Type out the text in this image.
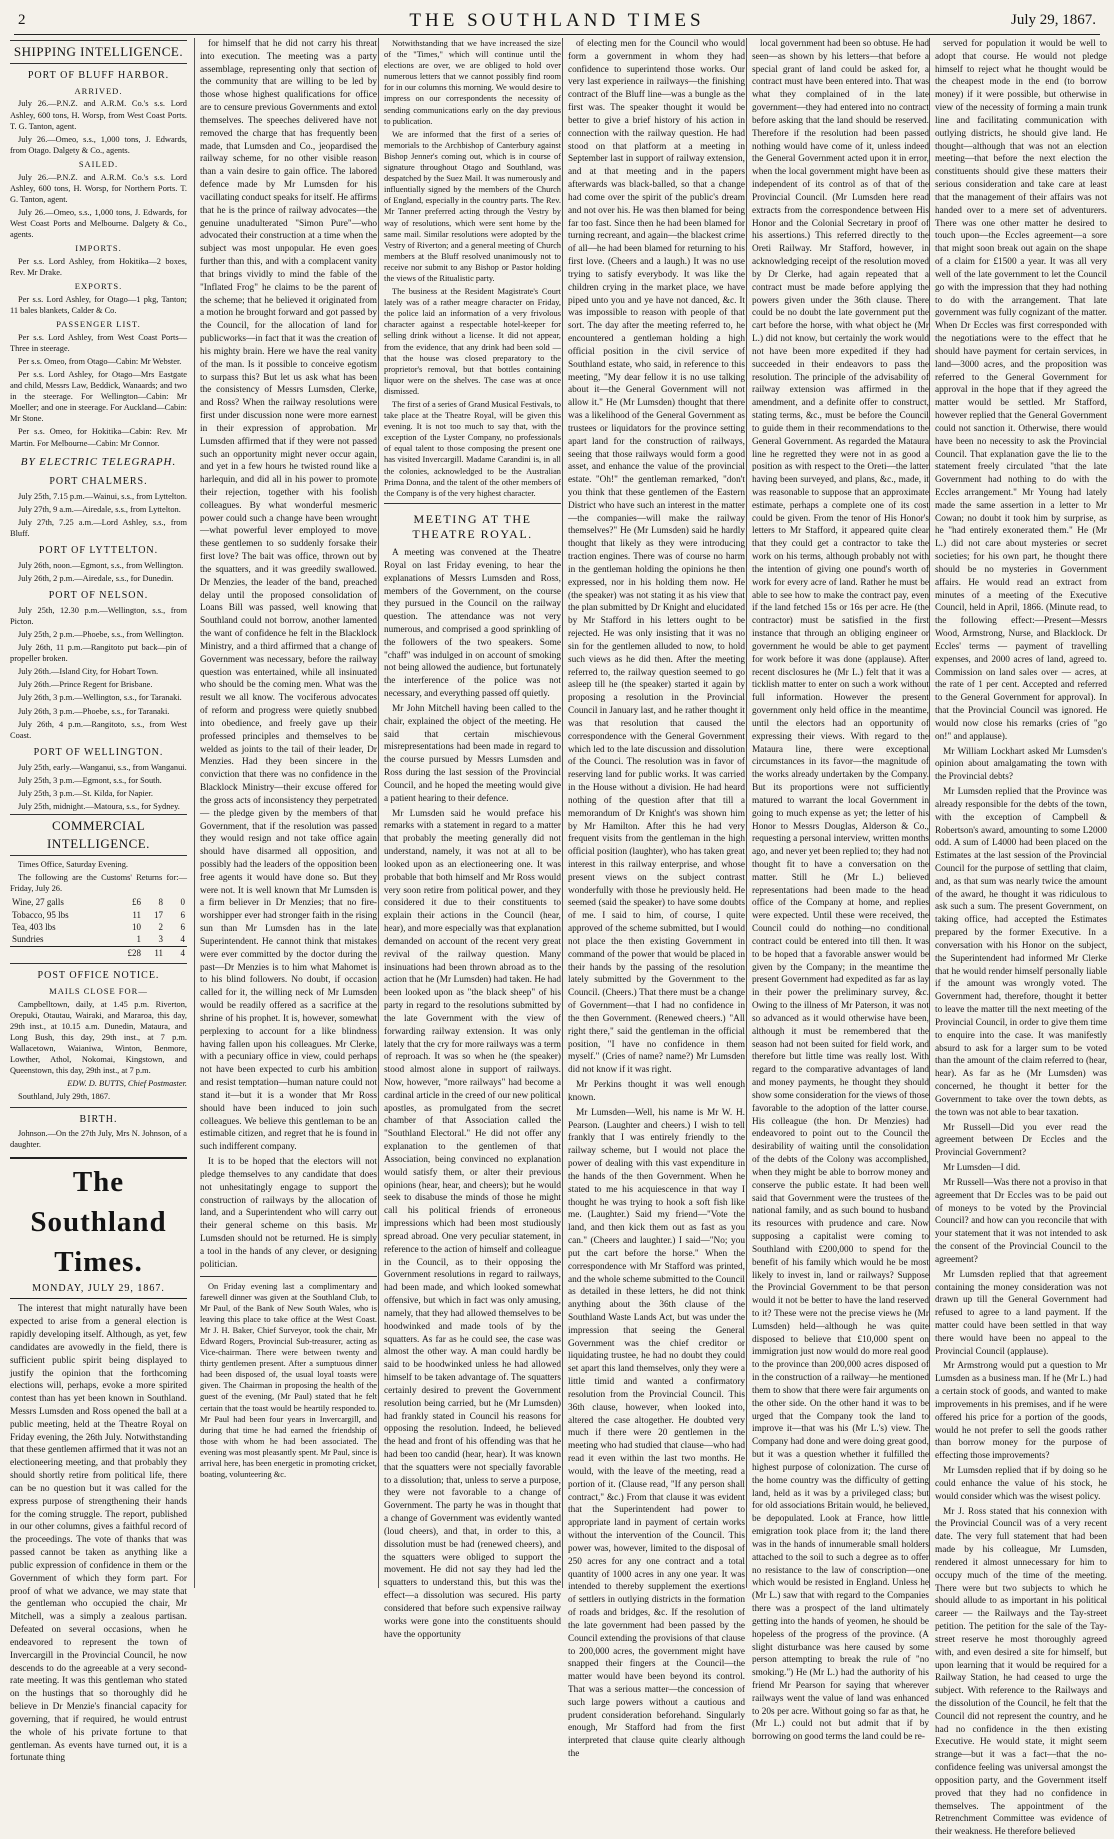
2	THE SOUTHLAND TIMES	July 29, 1867.
SHIPPING INTELLIGENCE.
PORT OF BLUFF HARBOR.
ARRIVED.

July 26.—P.N.Z. and A.R.M. Co.'s s.s. Lord Ashley, 600 tons, H. Worsp, from West Coast Ports. T. G. Tanton, agent.

July 26.—Omeo, s.s., 1,000 tons, J. Edwards, from Otago. Dalgety & Co., agents.

SAILED.

July 26.—P.N.Z. and A.R.M. Co.'s s.s. Lord Ashley, 600 tons, H. Worsp, for Northern Ports. T. G. Tanton, agent.

July 26.—Omeo, s.s., 1,000 tons, J. Edwards, for West Coast Ports and Melbourne. Dalgety & Co., agents.

IMPORTS.

Per s.s. Lord Ashley, from Hokitika—2 boxes, Rev. Mr Drake.

EXPORTS.

Per s.s. Lord Ashley, for Otago—1 pkg, Tanton; 11 bales blankets, Calder & Co.

PASSENGER LIST.

Per s.s. Lord Ashley, from West Coast Ports—Three in steerage.

Per s.s. Omeo, from Otago—Cabin: Mr Webster.

Per s.s. Lord Ashley, for Otago—Mrs Eastgate and child, Messrs Law, Beddick, Wanaards; and two in the steerage. For Wellington—Cabin: Mr Moeller; and one in steerage. For Auckland—Cabin: Mr Stone.

Per s.s. Omeo, for Hokitika—Cabin: Rev. Mr Martin. For Melbourne—Cabin: Mr Connor.

BY ELECTRIC TELEGRAPH.
PORT CHALMERS.

July 25th, 7.15 p.m.—Wainui, s.s., from Lyttelton.

July 27th, 9 a.m.—Airedale, s.s., from Lyttelton.

July 27th, 7.25 a.m.—Lord Ashley, s.s., from Bluff.

PORT OF LYTTELTON.

July 26th, noon.—Egmont, s.s., from Wellington.

July 26th, 2 p.m.—Airedale, s.s., for Dunedin.

PORT OF NELSON.

July 25th, 12.30 p.m.—Wellington, s.s., from Picton.

July 25th, 2 p.m.—Phoebe, s.s., from Wellington.

July 26th, 11 p.m.—Rangitoto put back—pin of propeller broken.

July 26th.—Island City, for Hobart Town.

July 26th.—Prince Regent for Brisbane.

July 26th, 3 p.m.—Wellington, s.s., for Taranaki.

July 26th, 3 p.m.—Phoebe, s.s., for Taranaki.

July 26th, 4 p.m.—Rangitoto, s.s., from West Coast.

PORT OF WELLINGTON.

July 25th, early.—Wanganui, s.s., from Wanganui.

July 25th, 3 p.m.—Egmont, s.s., for South.

July 25th, 3 p.m.—St. Kilda, for Napier.

July 25th, midnight.—Matoura, s.s., for Sydney.

COMMERCIAL INTELLIGENCE.

Times Office, Saturday Evening.

The following are the Customs' Returns for:—Friday, July 26.

Wine, 27 galls	£6	8	0
Tobacco, 95 lbs	11	17	6
Tea, 403 lbs	10	2	6
Sundries	1	3	4
	£28	11	4
POST OFFICE NOTICE.
MAILS CLOSE FOR—

Campbelltown, daily, at 1.45 p.m. Riverton, Orepuki, Otautau, Wairaki, and Mararoa, this day, 29th inst., at 10.15 a.m. Dunedin, Mataura, and Long Bush, this day, 29th inst., at 7 p.m. Wallacetown, Waianiwa, Winton, Benmore, Lowther, Athol, Nokomai, Kingstown, and Queenstown, this day, 29th inst., at 7 p.m.

EDW. D. BUTTS, Chief Postmaster.

Southland, July 29th, 1867.

BIRTH.

Johnson.—On the 27th July, Mrs N. Johnson, of a daughter.

The Southland Times.
MONDAY, JULY 29, 1867.

The interest that might naturally have been expected to arise from a general election is rapidly developing itself. Although, as yet, few candidates are avowedly in the field, there is sufficient public spirit being displayed to justify the opinion that the forthcoming elections will, perhaps, evoke a more spirited contest than has yet been known in Southland. Messrs Lumsden and Ross opened the ball at a public meeting, held at the Theatre Royal on Friday evening, the 26th July. Notwithstanding that these gentlemen affirmed that it was not an electioneering meeting, and that probably they should shortly retire from political life, there can be no question but it was called for the express purpose of strengthening their hands for the coming struggle. The report, published in our other columns, gives a faithful record of the proceedings. The vote of thanks that was passed cannot be taken as anything like a public expression of confidence in them or the Government of which they form part. For proof of what we advance, we may state that the gentleman who occupied the chair, Mr Mitchell, was a simply a zealous partisan. Defeated on several occasions, when he endeavored to represent the town of Invercargill in the Provincial Council, he now descends to do the agreeable at a very second-rate meeting. It was this gentleman who stated on the hustings that so thoroughly did he believe in Dr Menzie's financial capacity for governing, that if required, he would entrust the whole of his private fortune to that gentleman. As events have turned out, it is a fortunate thing

for himself that he did not carry his threat into execution. The meeting was a party assemblage, representing only that section of the community that are willing to be led by those whose highest qualifications for office are to censure previous Governments and extol themselves. The speeches delivered have not removed the charge that has frequently been made, that Lumsden and Co., jeopardised the railway scheme, for no other visible reason than a vain desire to gain office. The labored defence made by Mr Lumsden for his vacillating conduct speaks for itself. He affirms that he is the prince of railway advocates—the genuine unadulterated "Simon Pure"—who advocated their construction at a time when the subject was most unpopular. He even goes further than this, and with a complacent vanity that brings vividly to mind the fable of the "Inflated Frog" he claims to be the parent of the scheme; that he believed it originated from a motion he brought forward and got passed by the Council, for the allocation of land for publicworks—in fact that it was the creation of his mighty brain. Here we have the real vanity of the man. Is it possible to conceive egotism to surpass this? But let us ask what has been the consistency of Messrs Lumsden, Clerke, and Ross? When the railway resolutions were first under discussion none were more earnest in their expression of approbation. Mr Lumsden affirmed that if they were not passed such an opportunity might never occur again, and yet in a few hours he twisted round like a harlequin, and did all in his power to promote their rejection, together with his foolish colleagues. By what wonderful mesmeric power could such a change have been wrought—what powerful lever employed to move these gentlemen to so suddenly forsake their first love? The bait was office, thrown out by the squatters, and it was greedily swallowed. Dr Menzies, the leader of the band, preached delay until the proposed consolidation of Loans Bill was passed, well knowing that Southland could not borrow, another lamented the want of confidence he felt in the Blacklock Ministry, and a third affirmed that a change of Government was necessary, before the railway question was entertained, while all insinuated who should be the coming men. What was the result we all know. The vociferous advocates of reform and progress were quietly snubbed into obedience, and freely gave up their professed principles and themselves to be welded as joints to the tail of their leader, Dr Menzies. Had they been sincere in the conviction that there was no confidence in the Blacklock Ministry—their excuse offered for the gross acts of inconsistency they perpetrated — the pledge given by the members of that Government, that if the resolution was passed they would resign and not take office again should have disarmed all opposition, and possibly had the leaders of the opposition been free agents it would have done so. But they were not. It is well known that Mr Lumsden is a firm believer in Dr Menzies; that no fire-worshipper ever had stronger faith in the rising sun than Mr Lumsden has in the late Superintendent. He cannot think that mistakes were ever committed by the doctor during the past—Dr Menzies is to him what Mahomet is to his blind followers. No doubt, if occasion called for it, the willing neck of Mr Lumsden would be readily offered as a sacrifice at the shrine of his prophet. It is, however, somewhat perplexing to account for a like blindness having fallen upon his colleagues. Mr Clerke, with a pecuniary office in view, could perhaps not have been expected to curb his ambition and resist temptation—human nature could not stand it—but it is a wonder that Mr Ross should have been induced to join such colleagues. We believe this gentleman to be an estimable citizen, and regret that he is found in such indifferent company.

It is to be hoped that the electors will not pledge themselves to any candidate that does not unhesitatingly engage to support the construction of railways by the allocation of land, and a Superintendent who will carry out their general scheme on this basis. Mr Lumsden should not be returned. He is simply a tool in the hands of any clever, or designing politician.

On Friday evening last a complimentary and farewell dinner was given at the Southland Club, to Mr Paul, of the Bank of New South Wales, who is leaving this place to take office at the West Coast. Mr J. H. Baker, Chief Surveyor, took the chair, Mr Edward Rogers, Provincial Sub-treasurer, acting as Vice-chairman. There were between twenty and thirty gentlemen present. After a sumptuous dinner had been disposed of, the usual loyal toasts were given. The Chairman in proposing the health of the guest of the evening, (Mr Paul) stated that he felt certain that the toast would be heartily responded to. Mr Paul had been four years in Invercargill, and during that time he had earned the friendship of those with whom he had been associated. The evening was most pleasantly spent. Mr Paul, since is arrival here, has been energetic in promoting cricket, boating, volunteering &c.

Notwithstanding that we have increased the size of the "Times," which will continue until the elections are over, we are obliged to hold over numerous letters that we cannot possibly find room for in our columns this morning. We would desire to impress on our correspondents the necessity of sending communications early on the day previous to publication.

We are informed that the first of a series of memorials to the Archbishop of Canterbury against Bishop Jenner's coming out, which is in course of signature throughout Otago and Southland, was despatched by the Suez Mail. It was numerously and influentially signed by the members of the Church of England, especially in the country parts. The Rev. Mr Tanner preferred acting through the Vestry by way of resolutions, which were sent home by the same mail. Similar resolutions were adopted by the Vestry of Riverton; and a general meeting of Church members at the Bluff resolved unanimously not to receive nor submit to any Bishop or Pastor holding the views of the Ritualistic party.

The business at the Resident Magistrate's Court lately was of a rather meagre character on Friday, the police laid an information of a very frivolous character against a respectable hotel-keeper for selling drink without a license. It did not appear, from the evidence, that any drink had been sold — that the house was closed preparatory to the proprietor's removal, but that bottles containing liquor were on the shelves. The case was at once dismissed.

The first of a series of Grand Musical Festivals, to take place at the Theatre Royal, will be given this evening. It is not too much to say that, with the exception of the Lyster Company, no professionals of equal talent to those composing the present one has visited Invercargill. Madame Carandini is, in all the colonies, acknowledged to be the Australian Prima Donna, and the talent of the other members of the Company is of the very highest character.

MEETING AT THE THEATRE ROYAL.

A meeting was convened at the Theatre Royal on last Friday evening, to hear the explanations of Messrs Lumsden and Ross, members of the Government, on the course they pursued in the Council on the railway question. The attendance was not very numerous, and comprised a good sprinkling of the followers of the two speakers. Some "chaff" was indulged in on account of smoking not being allowed the audience, but fortunately the interference of the police was not necessary, and everything passed off quietly.

Mr John Mitchell having been called to the chair, explained the object of the meeting. He said that certain mischievous misrepresentations had been made in regard to the course pursued by Messrs Lumsden and Ross during the last session of the Provincial Council, and he hoped the meeting would give a patient hearing to their defence.

Mr Lumsden said he would preface his remarks with a statement in regard to a matter that probably the meeting generally did not understand, namely, it was not at all to be looked upon as an electioneering one. It was probable that both himself and Mr Ross would very soon retire from political power, and they considered it due to their constituents to explain their actions in the Council (hear, hear), and more especially was that explanation demanded on account of the recent very great revival of the railway question. Many insinuations had been thrown abroad as to the action that he (Mr Lumsden) had taken. He had been looked upon as "the black sheep" of his party in regard to the resolutions submitted by the late Government with the view of forwarding railway extension. It was only lately that the cry for more railways was a term of reproach. It was so when he (the speaker) stood almost alone in support of railways. Now, however, "more railways" had become a cardinal article in the creed of our new political apostles, as promulgated from the secret chamber of that Association called the "Southland Electoral." He did not offer any explanation to the gentlemen of that Association, being convinced no explanation would satisfy them, or alter their previous opinions (hear, hear, and cheers); but he would seek to disabuse the minds of those he might call his political friends of erroneous impressions which had been most studiously spread abroad. One very peculiar statement, in reference to the action of himself and colleague in the Council, as to their opposing the Government resolutions in regard to railways, had been made, and which looked somewhat offensive, but which in fact was only amusing, namely, that they had allowed themselves to be hoodwinked and made tools of by the squatters. As far as he could see, the case was almost the other way. A man could hardly be said to be hoodwinked unless he had allowed himself to be taken advantage of. The squatters certainly desired to prevent the Government resolution being carried, but he (Mr Lumsden) had frankly stated in Council his reasons for opposing the resolution. Indeed, he believed the head and front of his offending was that he had been too candid (hear, hear). It was known that the squatters were not specially favorable to a dissolution; that, unless to serve a purpose, they were not favorable to a change of Government. The party he was in thought that a change of Government was evidently wanted (loud cheers), and that, in order to this, a dissolution must be had (renewed cheers), and the squatters were obliged to support the movement. He did not say they had led the squatters to understand this, but this was the effect—a dissolution was secured. His party considered that before such expensive railway works were gone into the constituents should have the opportunity

of electing men for the Council who would form a government in whom they had confidence to superintend those works. Our very last experience in railways—the finishing contract of the Bluff line—was a bungle as the first was. The speaker thought it would be better to give a brief history of his action in connection with the railway question. He had stood on that platform at a meeting in September last in support of railway extension, and at that meeting and in the papers afterwards was black-balled, so that a change had come over the spirit of the public's dream and not over his. He was then blamed for being far too fast. Since then he had been blamed for turning recreant, and again—the blackest crime of all—he had been blamed for returning to his first love. (Cheers and a laugh.) It was no use trying to satisfy everybody. It was like the children crying in the market place, we have piped unto you and ye have not danced, &c. It was impossible to reason with people of that sort. The day after the meeting referred to, he encountered a gentleman holding a high official position in the civil service of Southland estate, who said, in reference to this meeting, "My dear fellow it is no use talking about it—the General Government will not allow it." He (Mr Lumsden) thought that there was a likelihood of the General Government as trustees or liquidators for the province setting apart land for the construction of railways, seeing that those railways would form a good asset, and enhance the value of the provincial estate. "Oh!" the gentleman remarked, "don't you think that these gentlemen of the Eastern District who have such an interest in the matter—the companies—will make the railway themselves?" He (Mr Lumsden) said he hardly thought that likely as they were introducing traction engines. There was of course no harm in the gentleman holding the opinions he then expressed, nor in his holding them now. He (the speaker) was not stating it as his view that the plan submitted by Dr Knight and elucidated by Mr Stafford in his letters ought to be rejected. He was only insisting that it was no sin for the gentlemen alluded to now, to hold such views as he did then. After the meeting referred to, the railway question seemed to go asleep till he (the speaker) started it again by proposing a resolution in the Provincial Council in January last, and he rather thought it was that resolution that caused the correspondence with the General Government which led to the late discussion and dissolution of the Counci. The resolution was in favor of reserving land for public works. It was carried in the House without a division. He had heard nothing of the question after that till a memorandum of Dr Knight's was shown him by Mr Hamilton. After this he had very frequent visits from the gentleman in the high official position (laughter), who has taken great interest in this railway enterprise, and whose present views on the subject contrast wonderfully with those he previously held. He seemed (said the speaker) to have some doubts of me. I said to him, of course, I quite approved of the scheme submitted, but I would not place the then existing Government in command of the power that would be placed in their hands by the passing of the resolution lately submitted by the Government to the Council. (Cheers.) That there must be a change of Government—that I had no confidence in the then Government. (Renewed cheers.) "All right there," said the gentleman in the official position, "I have no confidence in them myself." (Cries of name? name?) Mr Lumsden did not know if it was right.

Mr Perkins thought it was well enough known.

Mr Lumsden—Well, his name is Mr W. H. Pearson. (Laughter and cheers.) I wish to tell frankly that I was entirely friendly to the railway scheme, but I would not place the power of dealing with this vast expenditure in the hands of the then Government. When he stated to me his acquiescence in that way I thought he was trying to hook a soft fish like me. (Laughter.) Said my friend—"Vote the land, and then kick them out as fast as you can." (Cheers and laughter.) I said—"No; you put the cart before the horse." When the correspondence with Mr Stafford was printed, and the whole scheme submitted to the Council as detailed in these letters, he did not think anything about the 36th clause of the Southland Waste Lands Act, but was under the impression that seeing the General Government was the chief creditor or liquidating trustee, he had no doubt they could set apart this land themselves, only they were a little timid and wanted a confirmatory resolution from the Provincial Council. This 36th clause, however, when looked into, altered the case altogether. He doubted very much if there were 20 gentlemen in the meeting who had studied that clause—who had read it even within the last two months. He would, with the leave of the meeting, read a portion of it. (Clause read, "If any person shall contract," &c.) From that clause it was evident that the Superintendent had power to appropriate land in payment of certain works without the intervention of the Council. This power was, however, limited to the disposal of 250 acres for any one contract and a total quantity of 1000 acres in any one year. It was intended to thereby supplement the exertions of settlers in outlying districts in the formation of roads and bridges, &c. If the resolution of the late government had been passed by the Council extending the provisions of that clause to 200,000 acres, the government might have snapped their fingers at the Council—the matter would have been beyond its control. That was a serious matter—the concession of such large powers without a cautious and prudent consideration beforehand. Singularly enough, Mr Stafford had from the first interpreted that clause quite clearly although the

local government had been so obtuse. He had seen—as shown by his letters—that before a special grant of land could be asked for, a contract must have been entered into. That was what they complained of in the late government—they had entered into no contract before asking that the land should be reserved. Therefore if the resolution had been passed nothing would have come of it, unless indeed the General Government acted upon it in error, when the local government might have been as independent of its control as of that of the Provincial Council. (Mr Lumsden here read extracts from the correspondence between His Honor and the Colonial Secretary in proof of his assertions.) This referred directly to the Oreti Railway. Mr Stafford, however, in acknowledging receipt of the resolution moved by Dr Clerke, had again repeated that a contract must be made before applying the powers given under the 36th clause. There could be no doubt the late government put the cart before the horse, with what object he (Mr L.) did not know, but certainly the work would not have been more expedited if they had succeeded in their endeavors to pass the resolution. The principle of the advisability of railway extension was affirmed in the amendment, and a definite offer to construct, stating terms, &c., must be before the Council to guide them in their recommendations to the General Government. As regarded the Mataura line he regretted they were not in as good a position as with respect to the Oreti—the latter having been surveyed, and plans, &c., made, it was reasonable to suppose that an approximate estimate, perhaps a complete one of its cost could be given. From the tenor of His Honor's letters to Mr Stafford, it appeared quite clear that they could get a contractor to take the work on his terms, although probably not with the intention of giving one pound's worth of work for every acre of land. Rather he must be able to see how to make the contract pay, even if the land fetched 15s or 16s per acre. He (the contractor) must be satisfied in the first instance that through an obliging engineer or government he would be able to get payment for work before it was done (applause). After recent disclosures he (Mr L.) felt that it was a ticklish matter to enter on such a work without full information. However the present government only held office in the meantime, until the electors had an opportunity of expressing their views. With regard to the Mataura line, there were exceptional circumstances in its favor—the magnitude of the works already undertaken by the Company. But its proportions were not sufficiently matured to warrant the local Government in going to much expense as yet; the letter of his Honor to Messrs Douglas, Alderson & Co., requesting a personal interview, written months ago, and never yet been replied to; they had not thought fit to have a conversation on the matter. Still he (Mr L.) believed representations had been made to the head office of the Company at home, and replies were expected. Until these were received, the Council could do nothing—no conditional contract could be entered into till then. It was to be hoped that a favorable answer would be given by the Company; in the meantime the present Government had expedited as far as lay in their power the preliminary survey, &c. Owing to the illness of Mr Paterson, it was not so advanced as it would otherwise have been, although it must be remembered that the season had not been suited for field work, and therefore but little time was really lost. With regard to the comparative advantages of land and money payments, he thought they should show some consideration for the views of those favorable to the adoption of the latter course. His colleague (the hon. Dr Menzies) had endeavored to point out to the Council the desirability of waiting until the consolidation of the debts of the Colony was accomplished, when they might be able to borrow money and conserve the public estate. It had been well said that Government were the trustees of the national family, and as such bound to husband its resources with prudence and care. Now supposing a capitalist were coming to Southland with £200,000 to spend for the benefit of his family which would he be most likely to invest in, land or railways? Suppose the Provincial Government to be that person would it not be better to have the land reserved to it? These were not the precise views he (Mr Lumsden) held—although he was quite disposed to believe that £10,000 spent on immigration just now would do more real good to the province than 200,000 acres disposed of in the construction of a railway—he mentioned them to show that there were fair arguments on the other side. On the other hand it was to be urged that the Company took the land to improve it—that was his (Mr L.'s) view. The Company had done and were doing great good, but it was a question whether it fulfilled the highest purpose of colonization. The curse of the home country was the difficulty of getting land, held as it was by a privileged class; but for old associations Britain would, he believed, be depopulated. Look at France, how little emigration took place from it; the land there was in the hands of innumerable small holders attached to the soil to such a degree as to offer no resistance to the law of conscription—one which would be resisted in England. Unless he (Mr L.) saw that with regard to the Companies there was a prospect of the land ultimately getting into the hands of yeomen, he should be hopeless of the progress of the province. (A slight disturbance was here caused by some person attempting to break the rule of "no smoking.") He (Mr L.) had the authority of his friend Mr Pearson for saying that wherever railways went the value of land was enhanced to 20s per acre. Without going so far as that, he (Mr L.) could not but admit that if by borrowing on good terms the land could be re-

served for population it would be well to adopt that course. He would not pledge himself to reject what he thought would be the cheapest mode in the end (to borrow money) if it were possible, but otherwise in view of the necessity of forming a main trunk line and facilitating communication with outlying districts, he should give land. He thought—although that was not an election meeting—that before the next election the constituents should give these matters their serious consideration and take care at least that the management of their affairs was not handed over to a mere set of adventurers. There was one other matter he desired to touch upon—the Eccles agreement—a sore that might soon break out again on the shape of a claim for £1500 a year. It was all very well of the late government to let the Council go with the impression that they had nothing to do with the arrangement. That late government was fully cognizant of the matter. When Dr Eccles was first corresponded with the negotiations were to the effect that he should have payment for certain services, in land—3000 acres, and the proposition was referred to the General Government for approval in the hope that if they agreed the matter would be settled. Mr Stafford, however replied that the General Government could not sanction it. Otherwise, there would have been no necessity to ask the Provincial Council. That explanation gave the lie to the statement freely circulated "that the late Government had nothing to do with the Eccles arrangement." Mr Young had lately made the same assertion in a letter to Mr Cowan; no doubt it took him by surprise, as he "had entirely exonerated them." He (Mr L.) did not care about mysteries or secret societies; for his own part, he thought there should be no mysteries in Government affairs. He would read an extract from minutes of a meeting of the Executive Council, held in April, 1866. (Minute read, to the following effect:—Present—Messrs Wood, Armstrong, Nurse, and Blacklock. Dr Eccles' terms — payment of travelling expenses, and 2000 acres of land, agreed to. Commission on land sales over — acres, at the rate of 1 per cent. Accepted and referred to the General Government for approval). In that the Provincial Council was ignored. He would now close his remarks (cries of "go on!" and applause).

Mr William Lockhart asked Mr Lumsden's opinion about amalgamating the town with the Provincial debts?

Mr Lumsden replied that the Province was already responsible for the debts of the town, with the exception of Campbell & Robertson's award, amounting to some L2000 odd. A sum of L4000 had been placed on the Estimates at the last session of the Provincial Council for the purpose of settling that claim, and, as that sum was nearly twice the amount of the award, he thought it was ridiculous to ask such a sum. The present Government, on taking office, had accepted the Estimates prepared by the former Executive. In a conversation with his Honor on the subject, the Superintendent had informed Mr Clerke that he would render himself personally liable if the amount was wrongly voted. The Government had, therefore, thought it better to leave the matter till the next meeting of the Provincial Council, in order to give them time to enquire into the case. It was manifestly absurd to ask for a larger sum to be voted than the amount of the claim referred to (hear, hear). As far as he (Mr Lumsden) was concerned, he thought it better for the Government to take over the town debts, as the town was not able to bear taxation.

Mr Russell—Did you ever read the agreement between Dr Eccles and the Provincial Government?

Mr Lumsden—I did.

Mr Russell—Was there not a proviso in that agreement that Dr Eccles was to be paid out of moneys to be voted by the Provincial Council? and how can you reconcile that with your statement that it was not intended to ask the consent of the Provincial Council to the agreement?

Mr Lumsden replied that that agreement containing the money consideration was not drawn up till the General Government had refused to agree to a land payment. If the matter could have been settled in that way there would have been no appeal to the Provincial Council (applause).

Mr Armstrong would put a question to Mr Lumsden as a business man. If he (Mr L.) had a certain stock of goods, and wanted to make improvements in his premises, and if he were offered his price for a portion of the goods, would he not prefer to sell the goods rather than borrow money for the purpose of effecting those improvements?

Mr Lumsden replied that if by doing so he could enhance the value of his stock, he would consider which was the wisest policy.

Mr J. Ross stated that his connexion with the Provincial Council was of a very recent date. The very full statement that had been made by his colleague, Mr Lumsden, rendered it almost unnecessary for him to occupy much of the time of the meeting. There were but two subjects to which he should allude to as important in his political career — the Railways and the Tay-street petition. The petition for the sale of the Tay-street reserve he most thoroughly agreed with, and even desired a site for himself, but upon learning that it would be required for a Railway Station, he had ceased to urge the subject. With reference to the Railways and the dissolution of the Council, he felt that the Council did not represent the country, and he had no confidence in the then existing Executive. He would state, it might seem strange—but it was a fact—that the no-confidence feeling was universal amongst the opposition party, and the Government itself proved that they had no confidence in themselves. The appointment of the Retrenchment Committee was evidence of their weakness. He therefore believed
